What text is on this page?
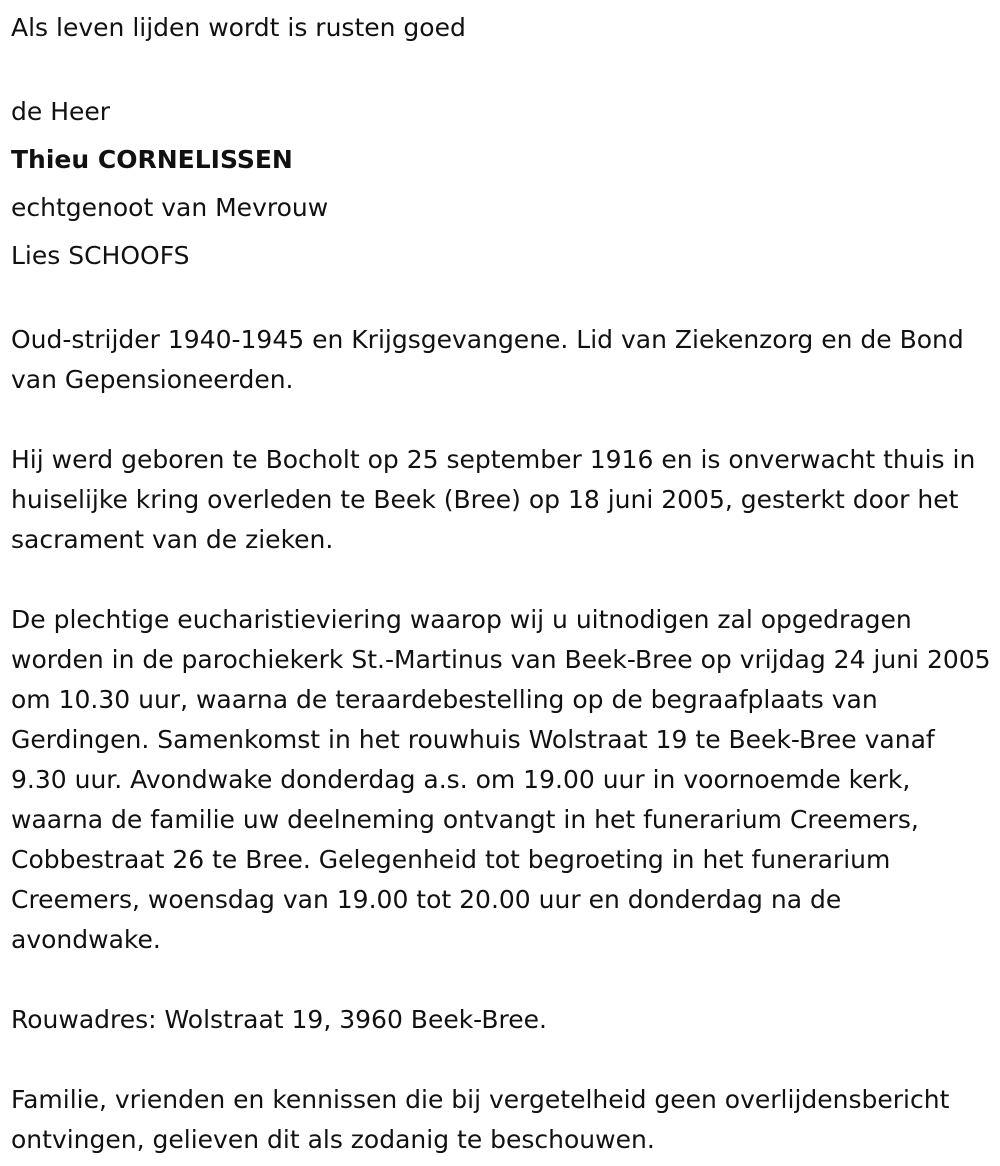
Als leven lijden wordt is rusten goed

de Heer

Thieu CORNELISSEN

echtgenoot van Mevrouw

Lies SCHOOFS

Oud-strijder 1940-1945 en Krijgsgevangene. Lid van Ziekenzorg en de Bond van Gepensioneerden.

Hij werd geboren te Bocholt op 25 september 1916 en is onverwacht thuis in huiselijke kring overleden te Beek (Bree) op 18 juni 2005, gesterkt door het sacrament van de zieken.

De plechtige eucharistieviering waarop wij u uitnodigen zal opgedragen worden in de parochiekerk St.-Martinus van Beek-Bree op vrijdag 24 juni 2005 om 10.30 uur, waarna de teraardebestelling op de begraafplaats van Gerdingen. Samenkomst in het rouwhuis Wolstraat 19 te Beek-Bree vanaf 9.30 uur. Avondwake donderdag a.s. om 19.00 uur in voornoemde kerk, waarna de familie uw deelneming ontvangt in het funerarium Creemers, Cobbestraat 26 te Bree. Gelegenheid tot begroeting in het funerarium Creemers, woensdag van 19.00 tot 20.00 uur en donderdag na de avondwake.

Rouwadres: Wolstraat 19, 3960 Beek-Bree.

Familie, vrienden en kennissen die bij vergetelheid geen overlijdensbericht ontvingen, gelieven dit als zodanig te beschouwen.
